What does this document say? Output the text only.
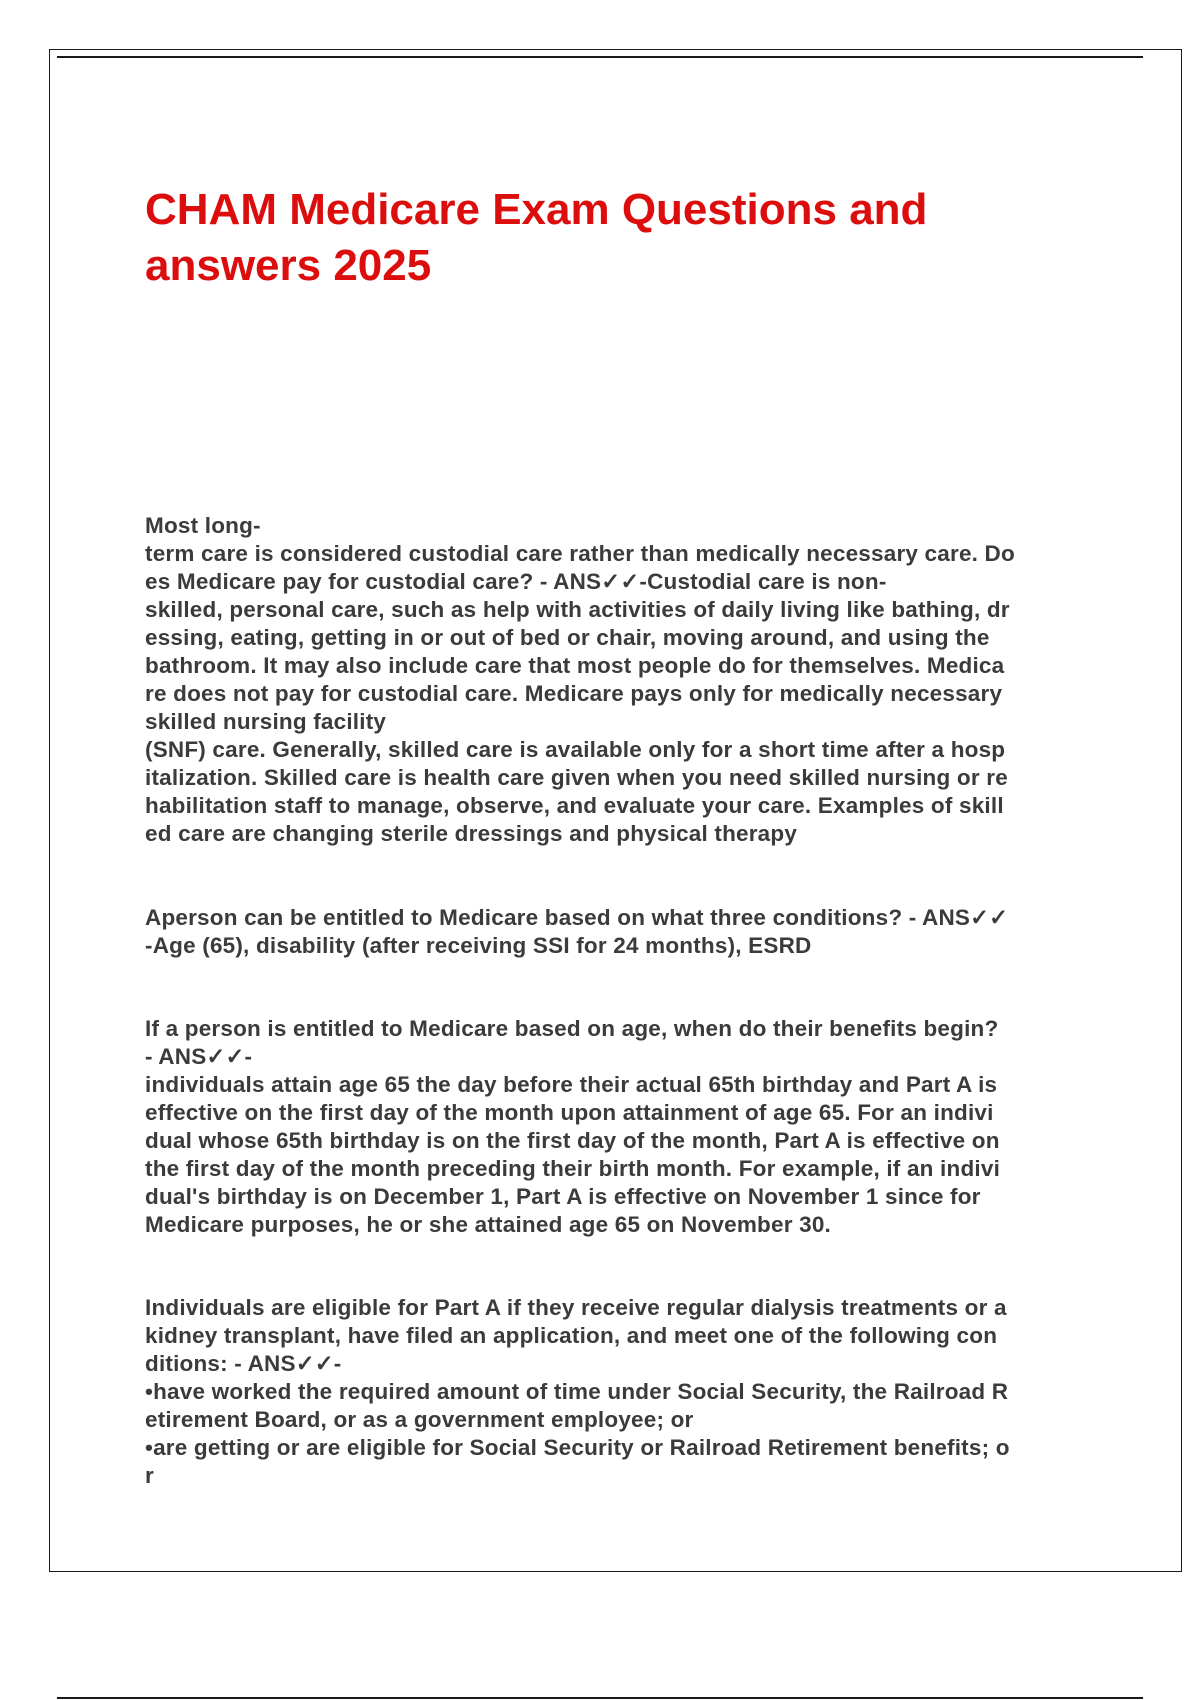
CHAM Medicare Exam Questions and answers 2025

Most long-
term care is considered custodial care rather than medically necessary care. Do
es Medicare pay for custodial care? - ANS✓✓-Custodial care is non-
skilled, personal care, such as help with activities of daily living like bathing, dr
essing, eating, getting in or out of bed or chair, moving around, and using the
bathroom. It may also include care that most people do for themselves. Medica
re does not pay for custodial care. Medicare pays only for medically necessary
skilled nursing facility
(SNF) care. Generally, skilled care is available only for a short time after a hosp
italization. Skilled care is health care given when you need skilled nursing or re
habilitation staff to manage, observe, and evaluate your care. Examples of skill
ed care are changing sterile dressings and physical therapy

Aperson can be entitled to Medicare based on what three conditions? - ANS✓✓
-Age (65), disability (after receiving SSI for 24 months), ESRD

If a person is entitled to Medicare based on age, when do their benefits begin?
- ANS✓✓-
individuals attain age 65 the day before their actual 65th birthday and Part A is
effective on the first day of the month upon attainment of age 65. For an indivi
dual whose 65th birthday is on the first day of the month, Part A is effective on
the first day of the month preceding their birth month. For example, if an indivi
dual's birthday is on December 1, Part A is effective on November 1 since for
Medicare purposes, he or she attained age 65 on November 30.

Individuals are eligible for Part A if they receive regular dialysis treatments or a
kidney transplant, have filed an application, and meet one of the following con
ditions: - ANS✓✓-
•have worked the required amount of time under Social Security, the Railroad R
etirement Board, or as a government employee; or
•are getting or are eligible for Social Security or Railroad Retirement benefits; o
r
